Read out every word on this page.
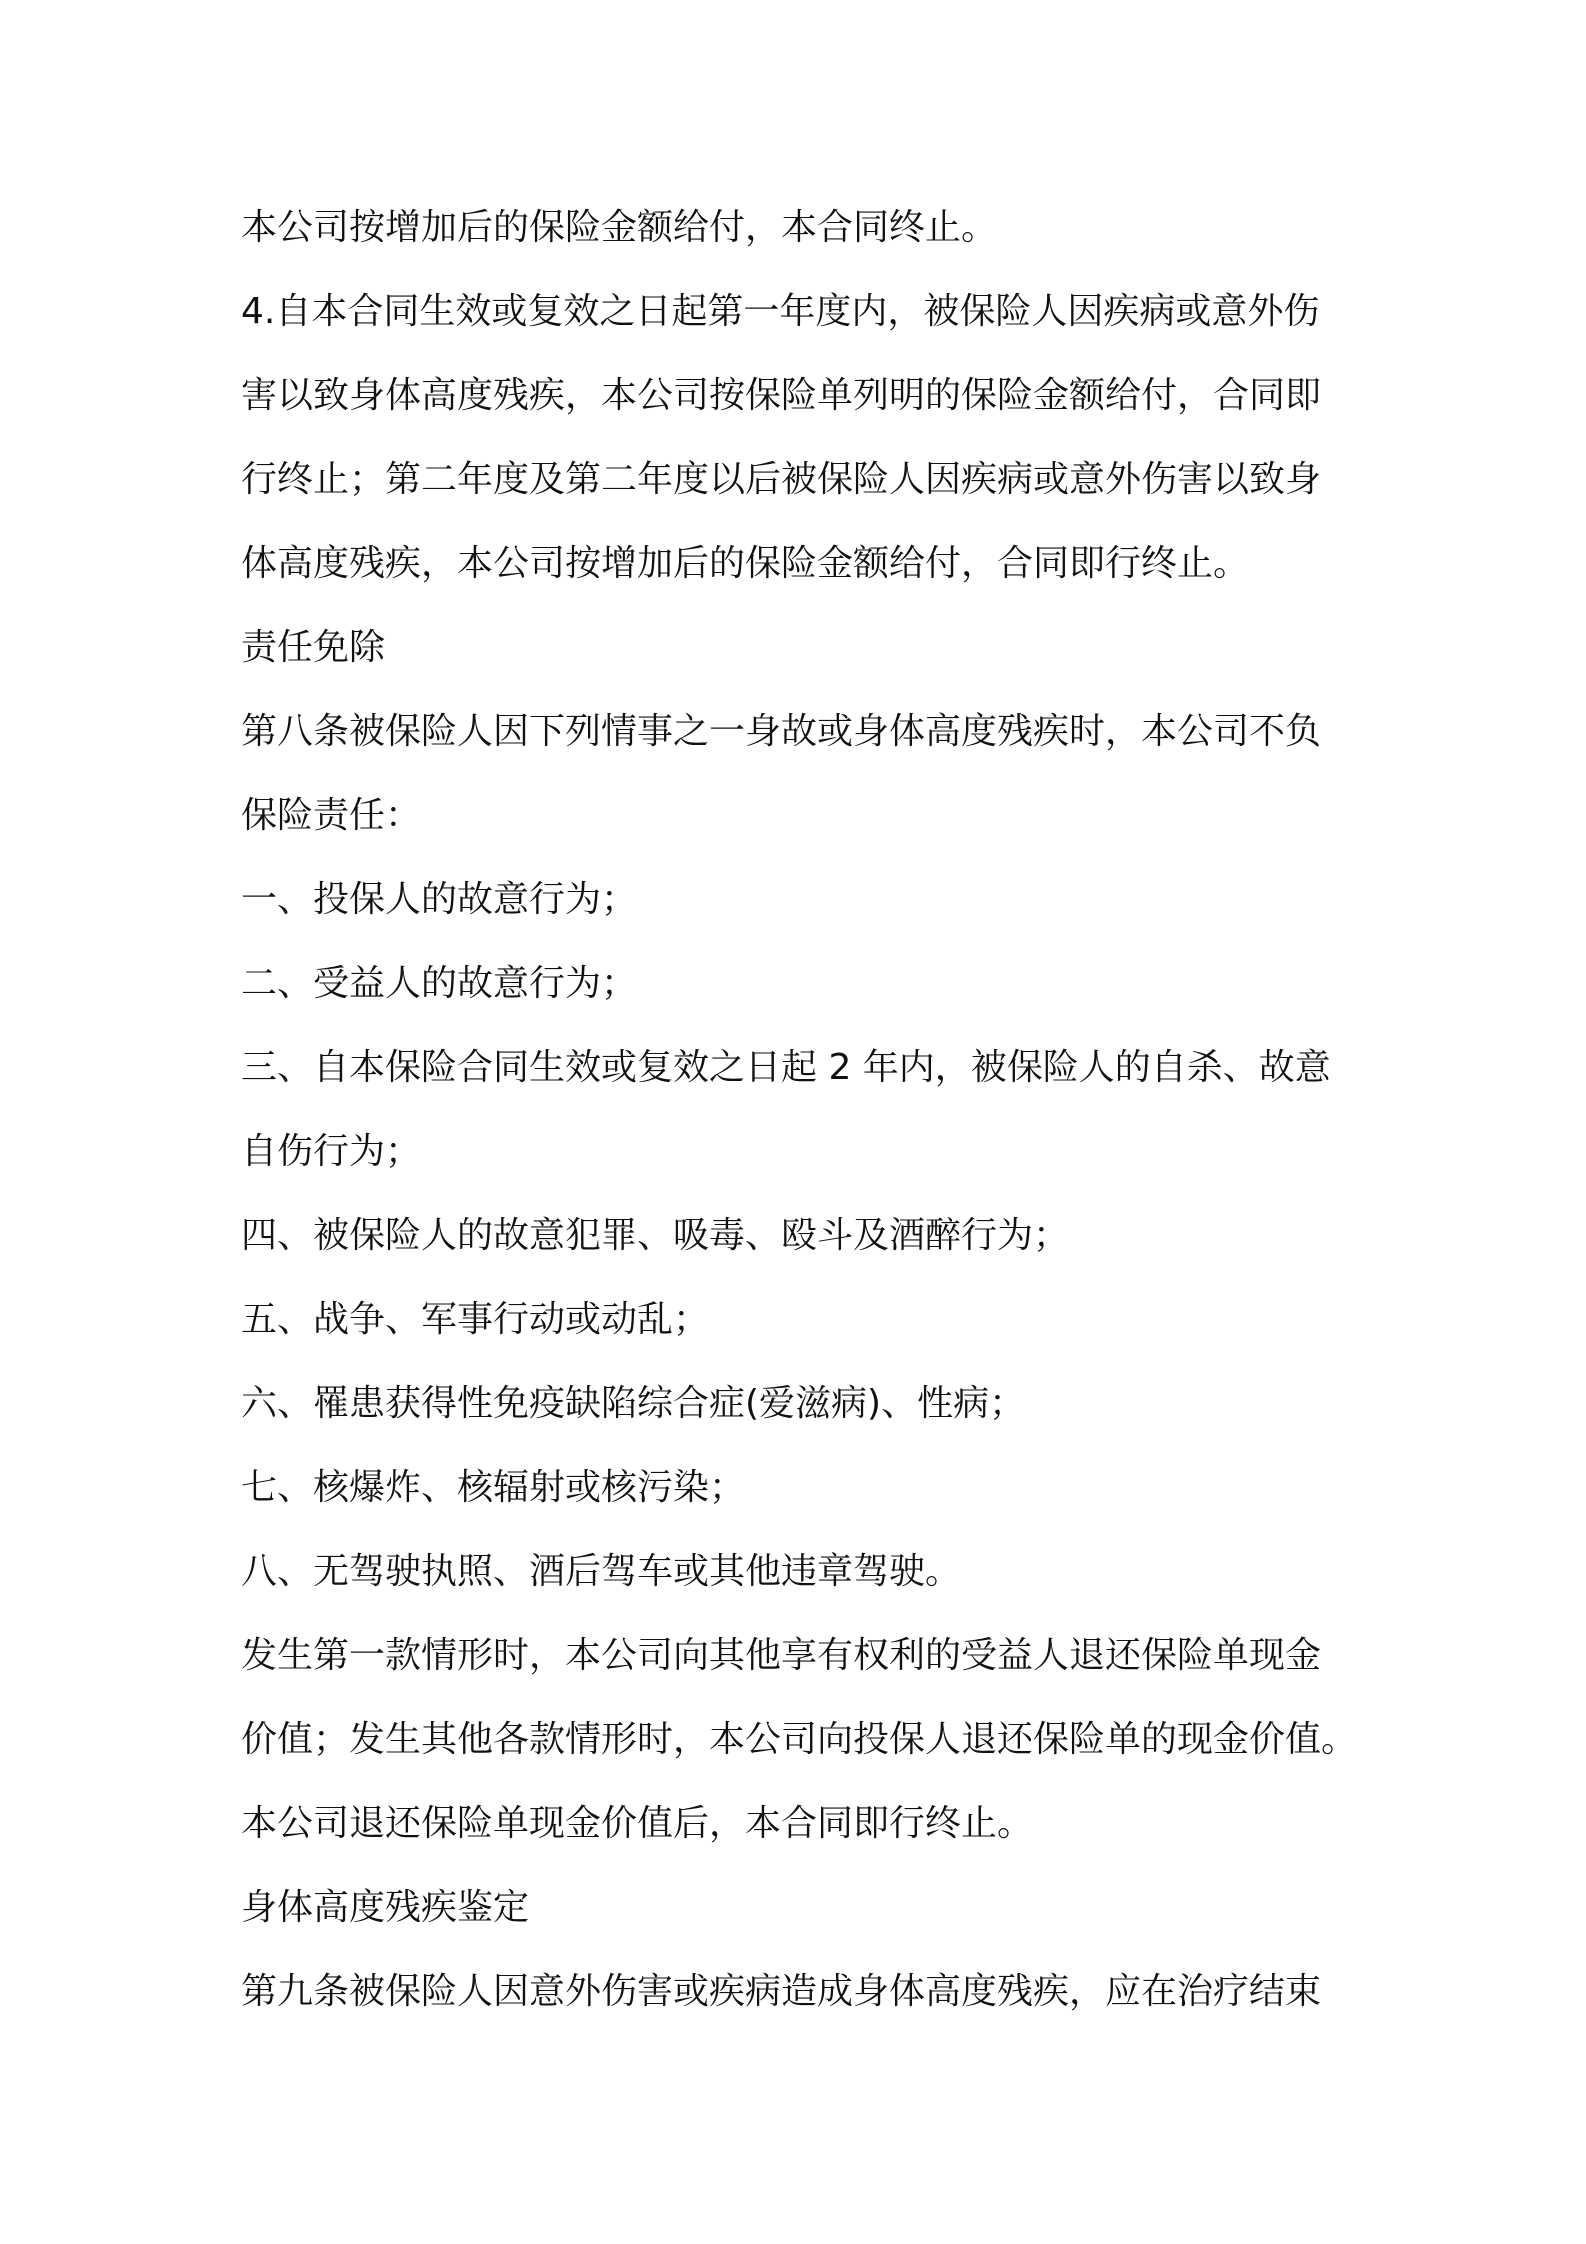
本公司按增加后的保险金额给付，本合同终止。
4.自本合同生效或复效之日起第一年度内，被保险人因疾病或意外伤
害以致身体高度残疾，本公司按保险单列明的保险金额给付，合同即
行终止；第二年度及第二年度以后被保险人因疾病或意外伤害以致身
体高度残疾，本公司按增加后的保险金额给付，合同即行终止。
责任免除
第八条被保险人因下列情事之一身故或身体高度残疾时，本公司不负
保险责任：
一、投保人的故意行为；
二、受益人的故意行为；
三、自本保险合同生效或复效之日起 2 年内，被保险人的自杀、故意
自伤行为；
四、被保险人的故意犯罪、吸毒、殴斗及酒醉行为；
五、战争、军事行动或动乱；
六、罹患获得性免疫缺陷综合症(爱滋病)、性病；
七、核爆炸、核辐射或核污染；
八、无驾驶执照、酒后驾车或其他违章驾驶。
发生第一款情形时，本公司向其他享有权利的受益人退还保险单现金
价值；发生其他各款情形时，本公司向投保人退还保险单的现金价值。
本公司退还保险单现金价值后，本合同即行终止。
身体高度残疾鉴定
第九条被保险人因意外伤害或疾病造成身体高度残疾，应在治疗结束
